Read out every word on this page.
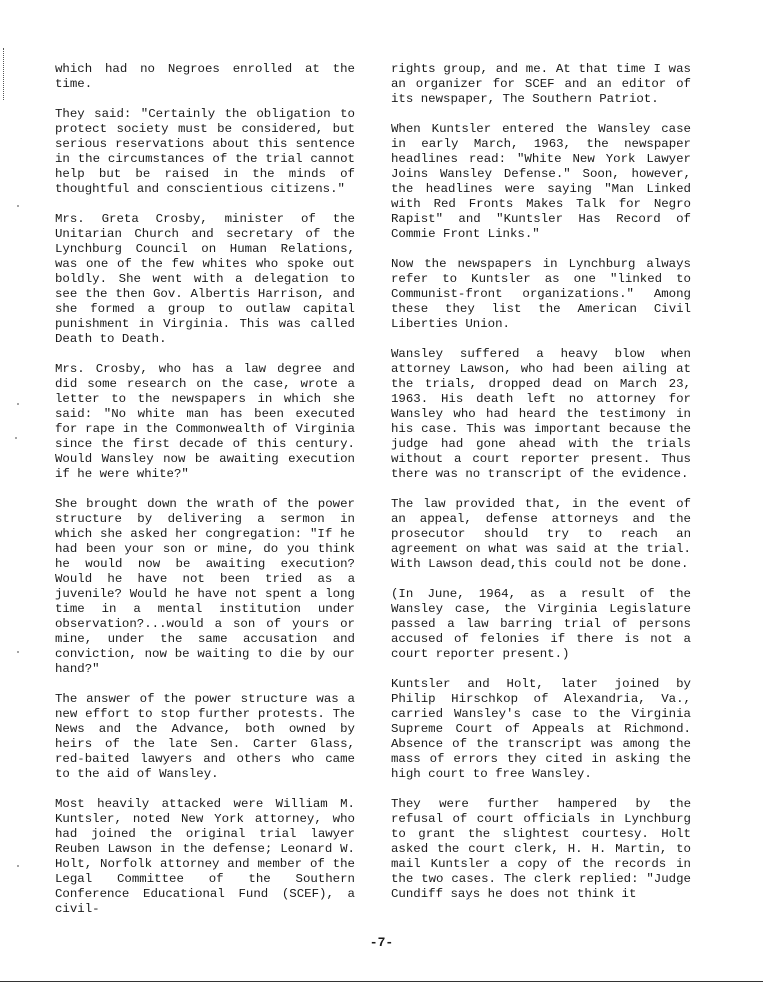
which had no Negroes enrolled at the time.

They said: "Certainly the obligation to protect society must be considered, but serious reservations about this sentence in the circumstances of the trial cannot help but be raised in the minds of thoughtful and conscientious citizens."

Mrs. Greta Crosby, minister of the Unitarian Church and secretary of the Lynchburg Council on Human Relations, was one of the few whites who spoke out boldly. She went with a delegation to see the then Gov. Albertis Harrison, and she formed a group to outlaw capital punishment in Virginia. This was called Death to Death.

Mrs. Crosby, who has a law degree and did some research on the case, wrote a letter to the newspapers in which she said: "No white man has been executed for rape in the Commonwealth of Virginia since the first decade of this century. Would Wansley now be awaiting execution if he were white?"

She brought down the wrath of the power structure by delivering a sermon in which she asked her congregation: "If he had been your son or mine, do you think he would now be awaiting execution? Would he have not been tried as a juvenile? Would he have not spent a long time in a mental institution under observation?...would a son of yours or mine, under the same accusation and conviction, now be waiting to die by our hand?"

The answer of the power structure was a new effort to stop further protests. The News and the Advance, both owned by heirs of the late Sen. Carter Glass, red-baited lawyers and others who came to the aid of Wansley.

Most heavily attacked were William M. Kuntsler, noted New York attorney, who had joined the original trial lawyer Reuben Lawson in the defense; Leonard W. Holt, Norfolk attorney and member of the Legal Committee of the Southern Conference Educational Fund (SCEF), a civil-

rights group, and me. At that time I was an organizer for SCEF and an editor of its newspaper, The Southern Patriot.

When Kuntsler entered the Wansley case in early March, 1963, the newspaper headlines read: "White New York Lawyer Joins Wansley Defense." Soon, however, the headlines were saying "Man Linked with Red Fronts Makes Talk for Negro Rapist" and "Kuntsler Has Record of Commie Front Links."

Now the newspapers in Lynchburg always refer to Kuntsler as one "linked to Communist-front organizations." Among these they list the American Civil Liberties Union.

Wansley suffered a heavy blow when attorney Lawson, who had been ailing at the trials, dropped dead on March 23, 1963. His death left no attorney for Wansley who had heard the testimony in his case. This was important because the judge had gone ahead with the trials without a court reporter present. Thus there was no transcript of the evidence.

The law provided that, in the event of an appeal, defense attorneys and the prosecutor should try to reach an agreement on what was said at the trial. With Lawson dead,this could not be done.

(In June, 1964, as a result of the Wansley case, the Virginia Legislature passed a law barring trial of persons accused of felonies if there is not a court reporter present.)

Kuntsler and Holt, later joined by Philip Hirschkop of Alexandria, Va., carried Wansley's case to the Virginia Supreme Court of Appeals at Richmond. Absence of the transcript was among the mass of errors they cited in asking the high court to free Wansley.

They were further hampered by the refusal of court officials in Lynchburg to grant the slightest courtesy. Holt asked the court clerk, H. H. Martin, to mail Kuntsler a copy of the records in the two cases. The clerk replied: "Judge Cundiff says he does not think it

-7-
